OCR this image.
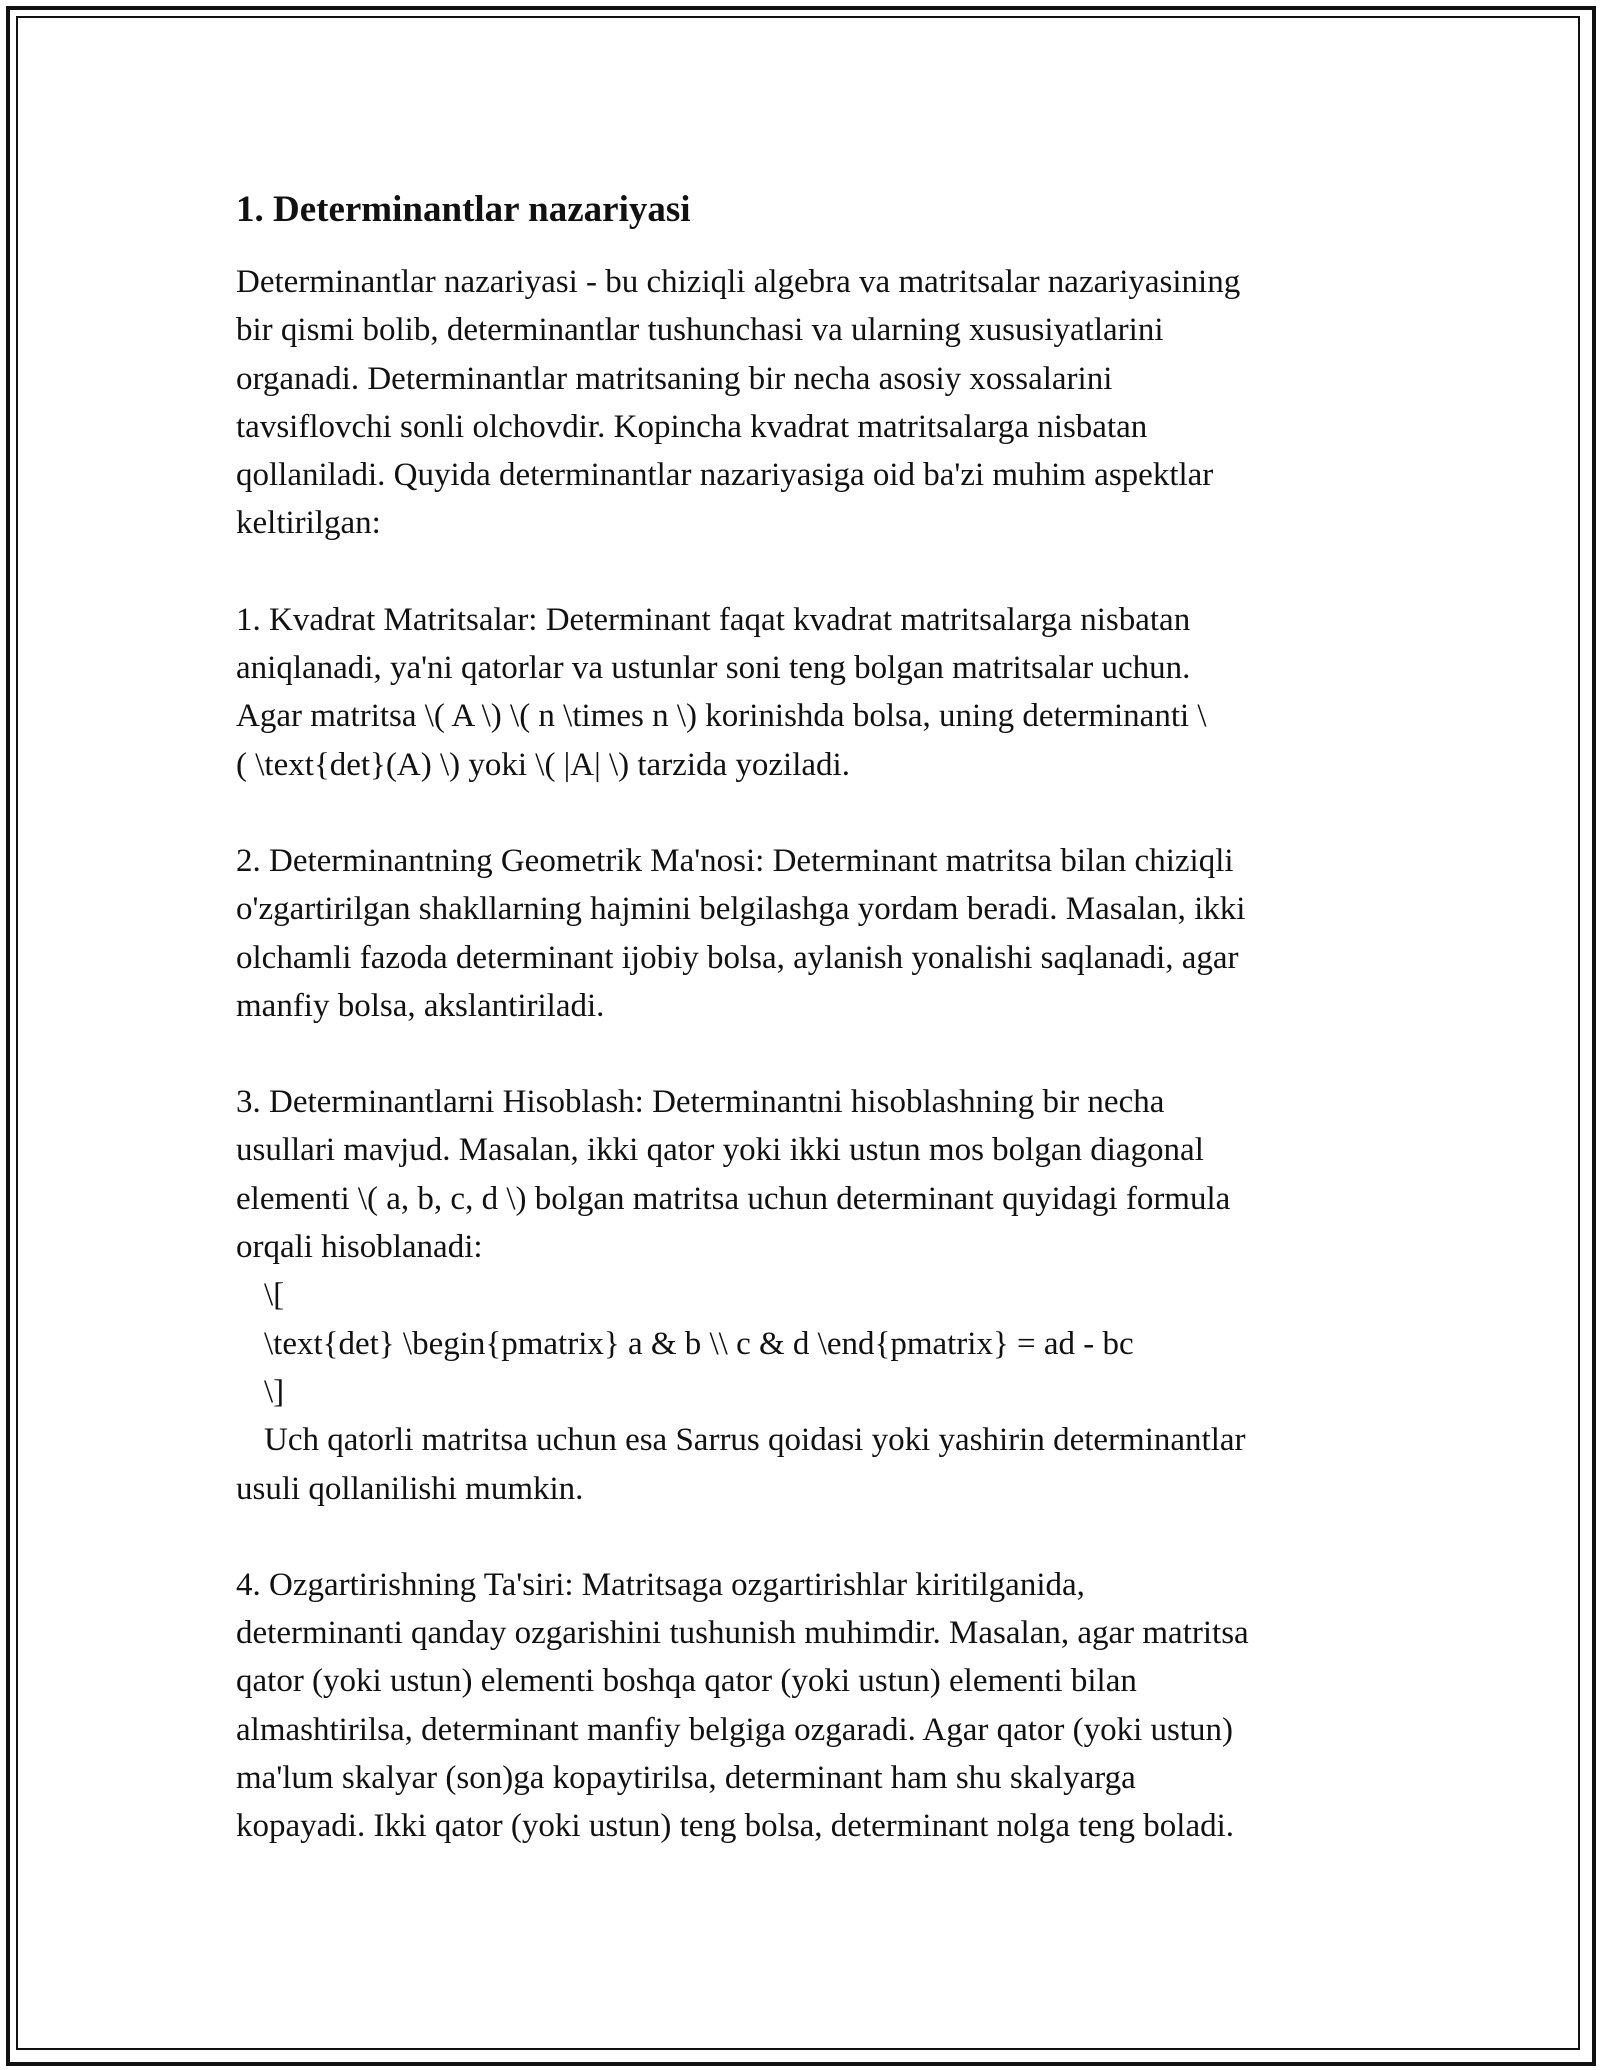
1. Determinantlar nazariyasi

Determinantlar nazariyasi - bu chiziqli algebra va matritsalar nazariyasining
bir qismi bolib, determinantlar tushunchasi va ularning xususiyatlarini
organadi. Determinantlar matritsaning bir necha asosiy xossalarini
tavsiflovchi sonli olchovdir. Kopincha kvadrat matritsalarga nisbatan
qollaniladi. Quyida determinantlar nazariyasiga oid ba'zi muhim aspektlar
keltirilgan:

1. Kvadrat Matritsalar: Determinant faqat kvadrat matritsalarga nisbatan
aniqlanadi, ya'ni qatorlar va ustunlar soni teng bolgan matritsalar uchun.
Agar matritsa \( A \) \( n \times n \) korinishda bolsa, uning determinanti \
( \text{det}(A) \) yoki \( |A| \) tarzida yoziladi.

2. Determinantning Geometrik Ma'nosi: Determinant matritsa bilan chiziqli
o'zgartirilgan shakllarning hajmini belgilashga yordam beradi. Masalan, ikki
olchamli fazoda determinant ijobiy bolsa, aylanish yonalishi saqlanadi, agar
manfiy bolsa, akslantiriladi.

3. Determinantlarni Hisoblash: Determinantni hisoblashning bir necha
usullari mavjud. Masalan, ikki qator yoki ikki ustun mos bolgan diagonal
elementi \( a, b, c, d \) bolgan matritsa uchun determinant quyidagi formula
orqali hisoblanadi:
\[
\text{det} \begin{pmatrix} a & b \\ c & d \end{pmatrix} = ad - bc
\]
Uch qatorli matritsa uchun esa Sarrus qoidasi yoki yashirin determinantlar
usuli qollanilishi mumkin.

4. Ozgartirishning Ta'siri: Matritsaga ozgartirishlar kiritilganida,
determinanti qanday ozgarishini tushunish muhimdir. Masalan, agar matritsa
qator (yoki ustun) elementi boshqa qator (yoki ustun) elementi bilan
almashtirilsa, determinant manfiy belgiga ozgaradi. Agar qator (yoki ustun)
ma'lum skalyar (son)ga kopaytirilsa, determinant ham shu skalyarga
kopayadi. Ikki qator (yoki ustun) teng bolsa, determinant nolga teng boladi.
